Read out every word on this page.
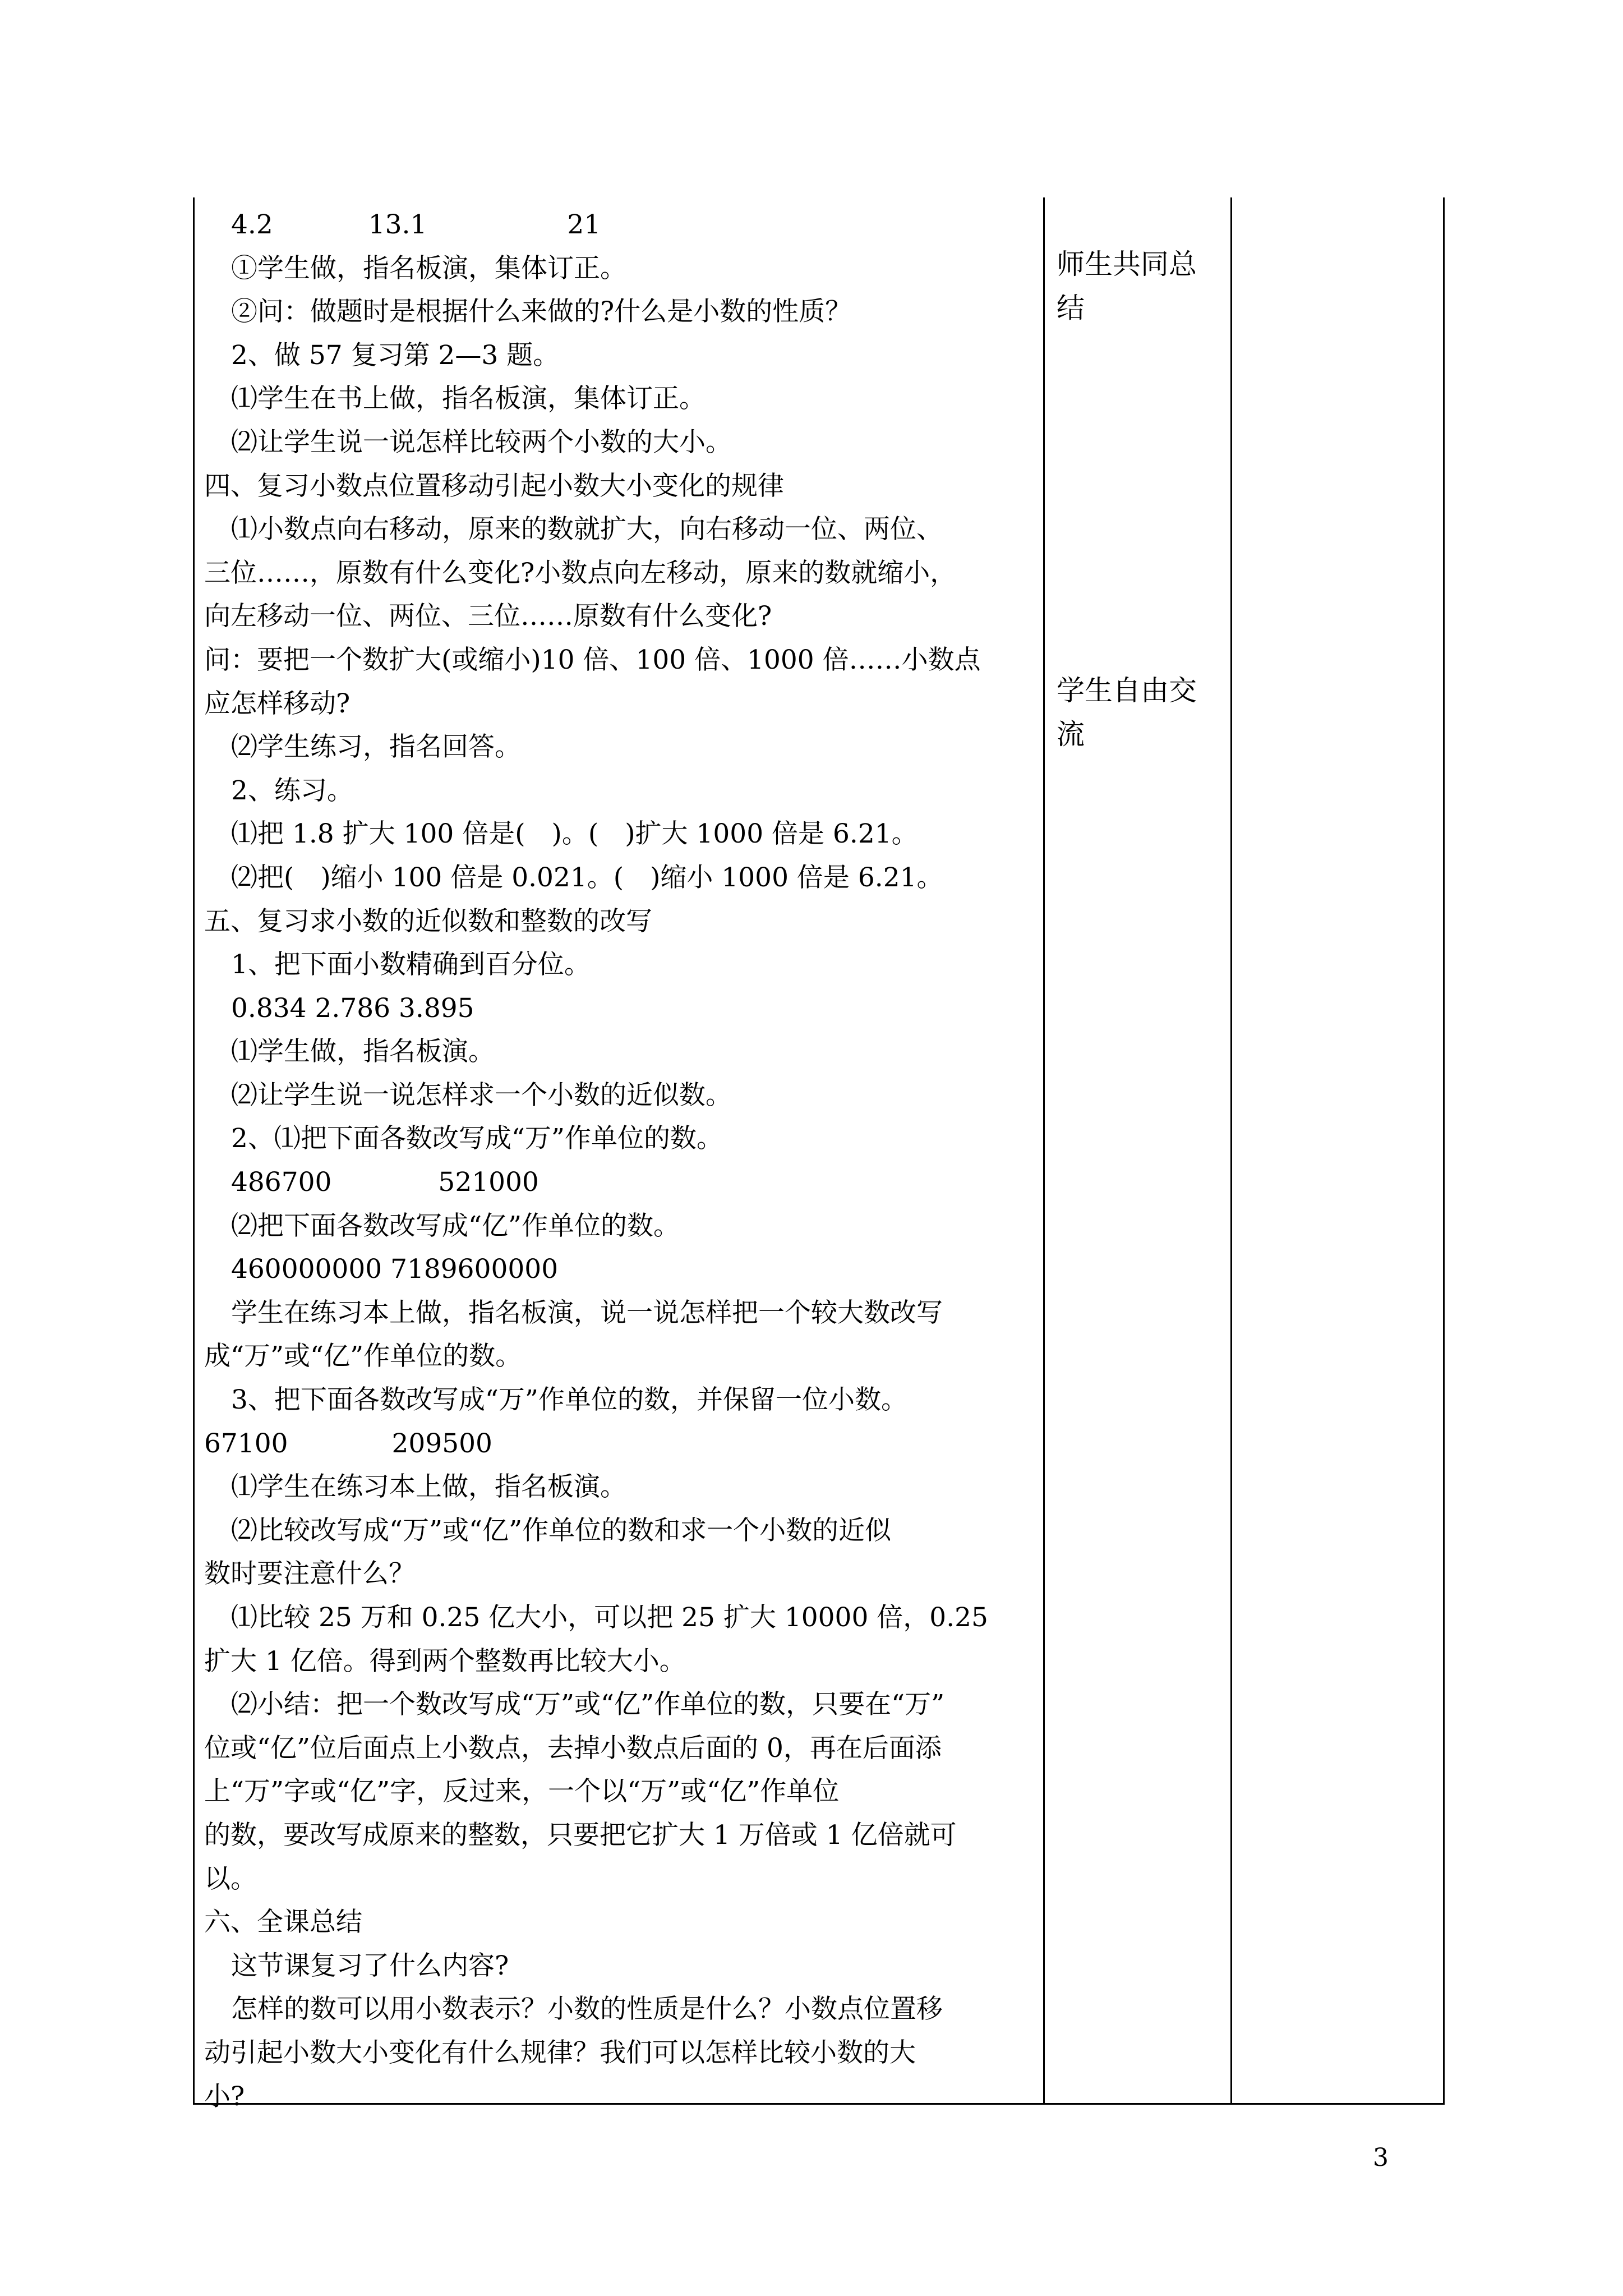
4.2	13.1	21
①学生做，指名板演，集体订正。
②问：做题时是根据什么来做的?什么是小数的性质？
2、做 57 复习第 2—3 题。
⑴学生在书上做，指名板演，集体订正。
⑵让学生说一说怎样比较两个小数的大小。
四、复习小数点位置移动引起小数大小变化的规律
⑴小数点向右移动，原来的数就扩大，向右移动一位、两位、
三位……，原数有什么变化?小数点向左移动，原来的数就缩小，
向左移动一位、两位、三位……原数有什么变化?
问：要把一个数扩大(或缩小)10 倍、100 倍、1000 倍……小数点
应怎样移动?
⑵学生练习，指名回答。
2、练习。
⑴把 1.8 扩大 100 倍是(　)。(　)扩大 1000 倍是 6.21。
⑵把(　)缩小 100 倍是 0.021。(　)缩小 1000 倍是 6.21。
五、复习求小数的近似数和整数的改写
1、把下面小数精确到百分位。
0.834 2.786 3.895
⑴学生做，指名板演。
⑵让学生说一说怎样求一个小数的近似数。
2、⑴把下面各数改写成“万”作单位的数。
486700	521000
⑵把下面各数改写成“亿”作单位的数。
460000000 7189600000
学生在练习本上做，指名板演，说一说怎样把一个较大数改写
成“万”或“亿”作单位的数。
3、把下面各数改写成“万”作单位的数，并保留一位小数。
67100	209500
⑴学生在练习本上做，指名板演。
⑵比较改写成“万”或“亿”作单位的数和求一个小数的近似
数时要注意什么？
⑴比较 25 万和 0.25 亿大小，可以把 25 扩大 10000 倍，0.25
扩大 1 亿倍。得到两个整数再比较大小。
⑵小结：把一个数改写成“万”或“亿”作单位的数，只要在“万”
位或“亿”位后面点上小数点，去掉小数点后面的 0，再在后面添
上“万”字或“亿”字，反过来，一个以“万”或“亿”作单位
的数，要改写成原来的整数，只要把它扩大 1 万倍或 1 亿倍就可
以。
六、全课总结
这节课复习了什么内容?
怎样的数可以用小数表示？小数的性质是什么？小数点位置移
动引起小数大小变化有什么规律？我们可以怎样比较小数的大
小?
师生共同总
结
学生自由交
流
3
